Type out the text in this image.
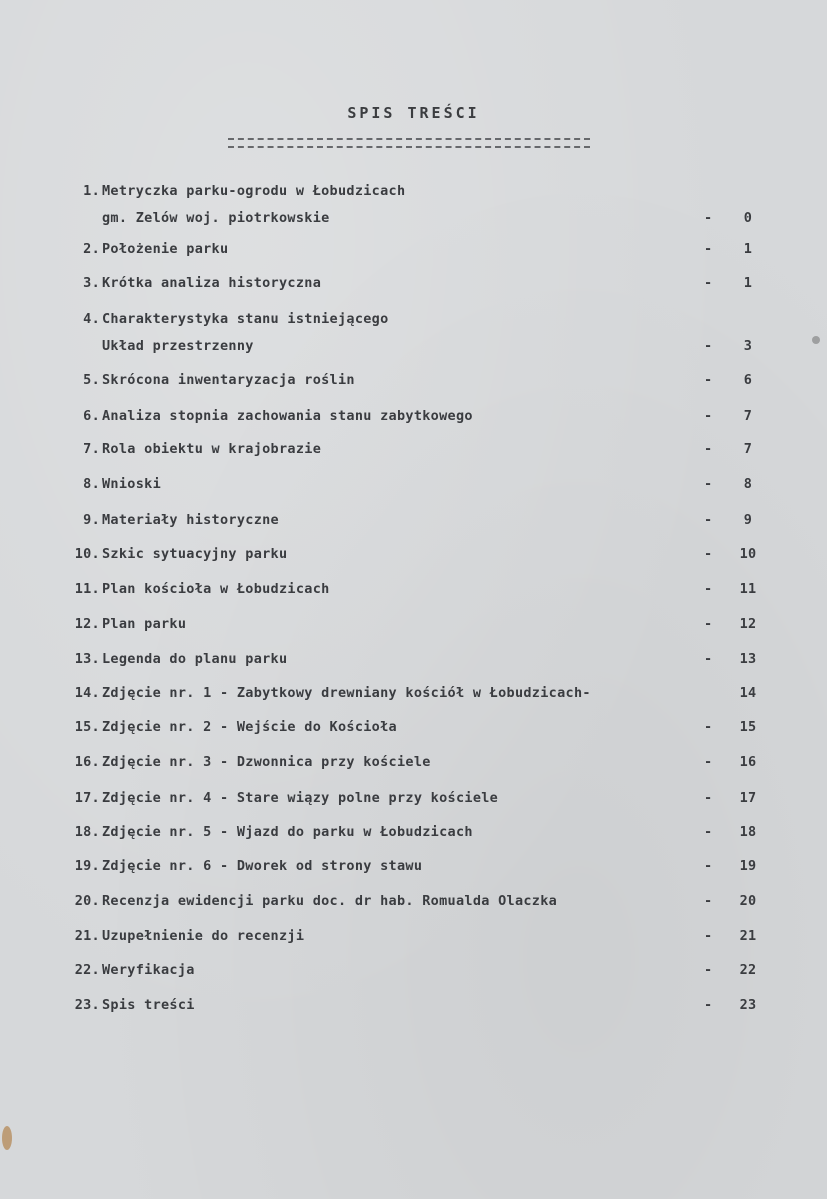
SPIS TREŚCI
1. Metryczka parku-ogrodu w Łobudzicach
gm. Zelów woj. piotrkowskie	-	0
2. Położenie parku	-	1
3. Krótka analiza historyczna	-	1
4. Charakterystyka stanu istniejącego
Układ przestrzenny	-	3
5. Skrócona inwentaryzacja roślin	-	6
6. Analiza stopnia zachowania stanu zabytkowego	-	7
7. Rola obiektu w krajobrazie	-	7
8. Wnioski	-	8
9. Materiały historyczne	-	9
10. Szkic sytuacyjny parku	-	10
11. Plan kościoła w Łobudzicach	-	11
12. Plan parku	-	12
13. Legenda do planu parku	-	13
14. Zdjęcie nr. 1 - Zabytkowy drewniany kościół w Łobudzicach-	14
15. Zdjęcie nr. 2 - Wejście do Kościoła	-	15
16. Zdjęcie nr. 3 - Dzwonnica przy kościele	-	16
17. Zdjęcie nr. 4 - Stare wiązy polne przy kościele	-	17
18. Zdjęcie nr. 5 - Wjazd do parku w Łobudzicach	-	18
19. Zdjęcie nr. 6 - Dworek od strony stawu	-	19
20. Recenzja ewidencji parku doc. dr hab. Romualda Olaczka	-	20
21. Uzupełnienie do recenzji	-	21
22. Weryfikacja	-	22
23. Spis treści	-	23
